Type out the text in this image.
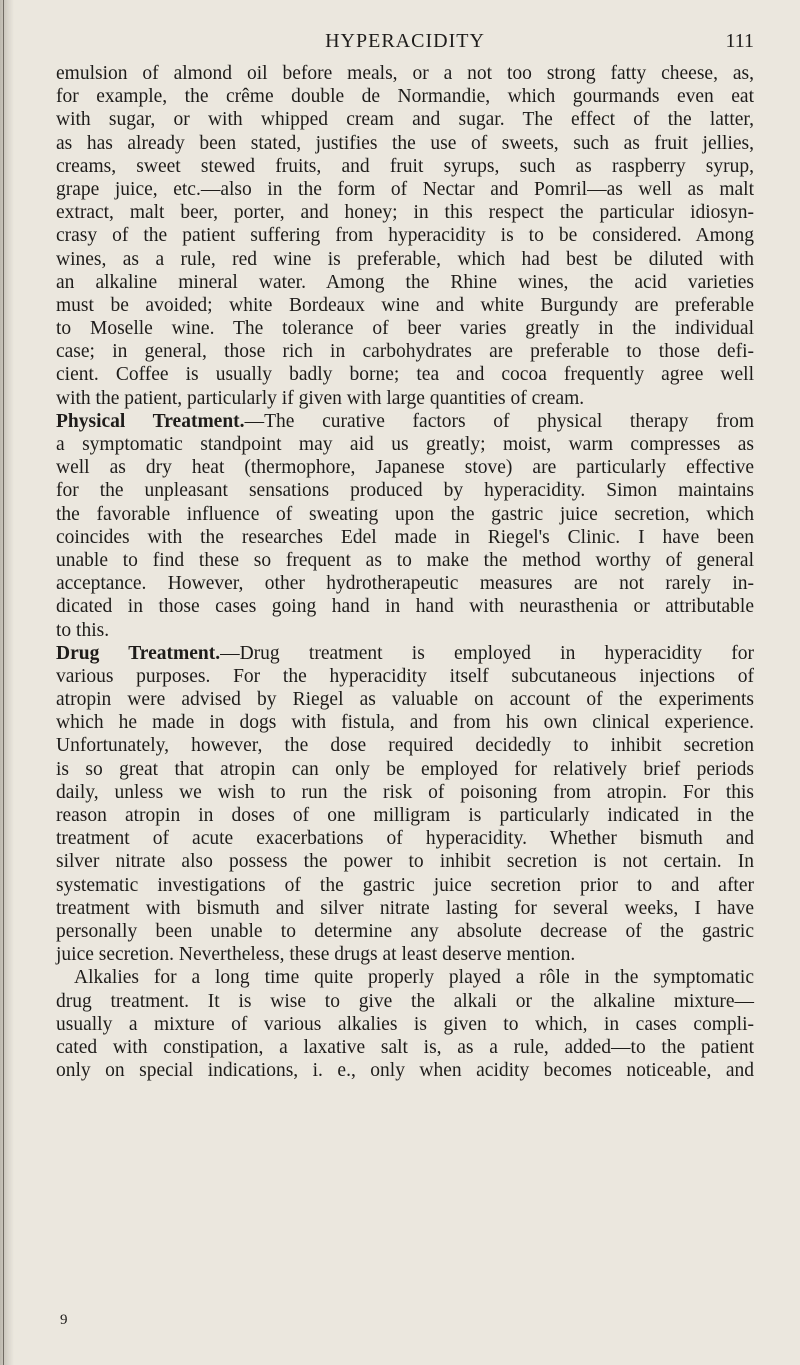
HYPERACIDITY	111
emulsion of almond oil before meals, or a not too strong fatty cheese, as,
for example, the crême double de Normandie, which gourmands even eat
with sugar, or with whipped cream and sugar. The effect of the latter,
as has already been stated, justifies the use of sweets, such as fruit jellies,
creams, sweet stewed fruits, and fruit syrups, such as raspberry syrup,
grape juice, etc.—also in the form of Nectar and Pomril—as well as malt
extract, malt beer, porter, and honey; in this respect the particular idiosyn-
crasy of the patient suffering from hyperacidity is to be considered. Among
wines, as a rule, red wine is preferable, which had best be diluted with
an alkaline mineral water. Among the Rhine wines, the acid varieties
must be avoided; white Bordeaux wine and white Burgundy are preferable
to Moselle wine. The tolerance of beer varies greatly in the individual
case; in general, those rich in carbohydrates are preferable to those defi-
cient. Coffee is usually badly borne; tea and cocoa frequently agree well
with the patient, particularly if given with large quantities of cream.
Physical Treatment.—The curative factors of physical therapy from
a symptomatic standpoint may aid us greatly; moist, warm compresses as
well as dry heat (thermophore, Japanese stove) are particularly effective
for the unpleasant sensations produced by hyperacidity. Simon maintains
the favorable influence of sweating upon the gastric juice secretion, which
coincides with the researches Edel made in Riegel's Clinic. I have been
unable to find these so frequent as to make the method worthy of general
acceptance. However, other hydrotherapeutic measures are not rarely in-
dicated in those cases going hand in hand with neurasthenia or attributable
to this.
Drug Treatment.—Drug treatment is employed in hyperacidity for
various purposes. For the hyperacidity itself subcutaneous injections of
atropin were advised by Riegel as valuable on account of the experiments
which he made in dogs with fistula, and from his own clinical experience.
Unfortunately, however, the dose required decidedly to inhibit secretion
is so great that atropin can only be employed for relatively brief periods
daily, unless we wish to run the risk of poisoning from atropin. For this
reason atropin in doses of one milligram is particularly indicated in the
treatment of acute exacerbations of hyperacidity. Whether bismuth and
silver nitrate also possess the power to inhibit secretion is not certain. In
systematic investigations of the gastric juice secretion prior to and after
treatment with bismuth and silver nitrate lasting for several weeks, I have
personally been unable to determine any absolute decrease of the gastric
juice secretion. Nevertheless, these drugs at least deserve mention.
Alkalies for a long time quite properly played a rôle in the symptomatic
drug treatment. It is wise to give the alkali or the alkaline mixture—
usually a mixture of various alkalies is given to which, in cases compli-
cated with constipation, a laxative salt is, as a rule, added—to the patient
only on special indications, i. e., only when acidity becomes noticeable, and
9
